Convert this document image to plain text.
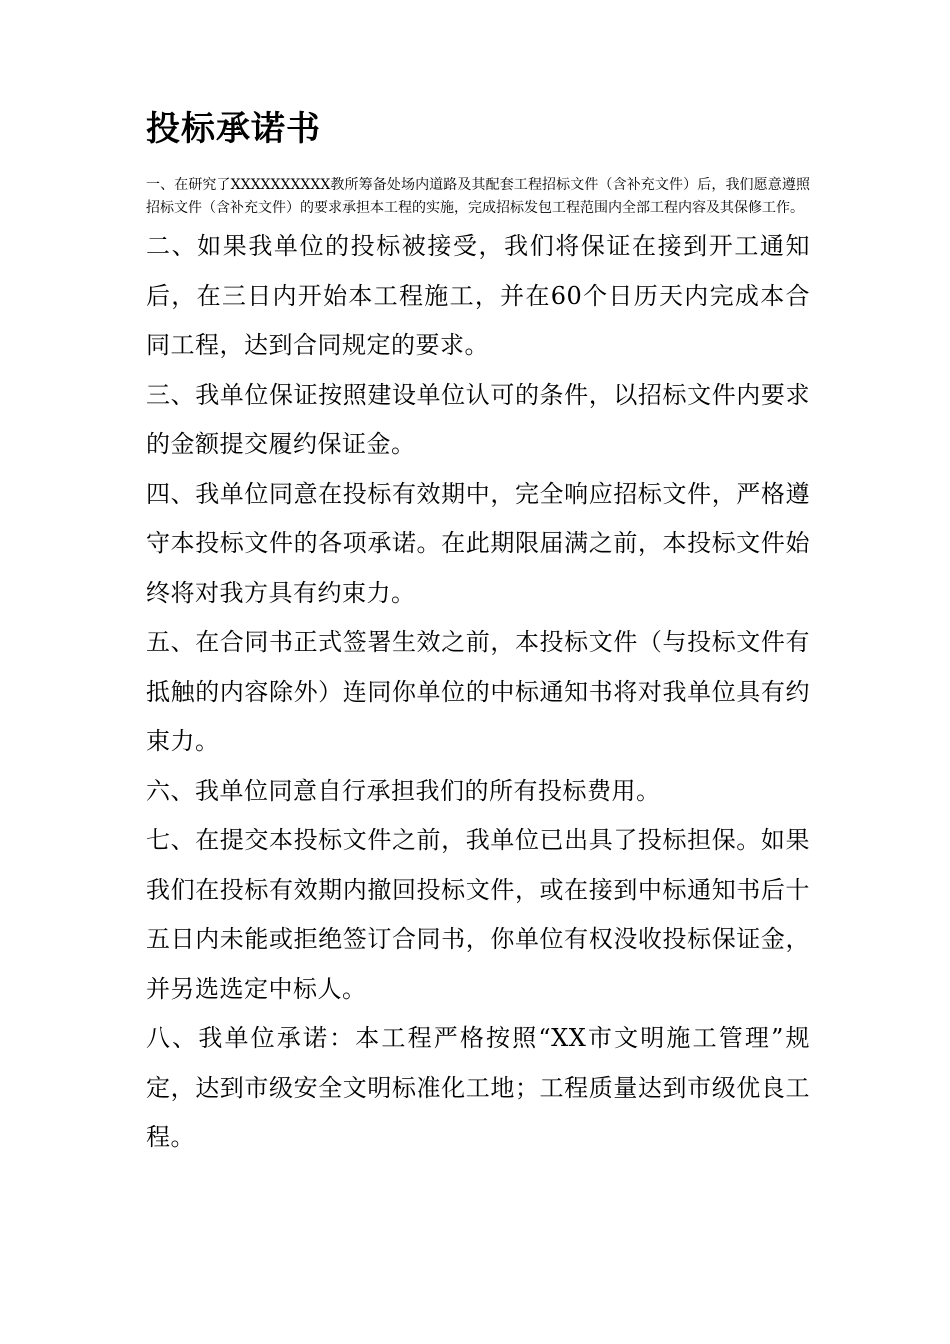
投标承诺书

一、在研究了XXXXXXXXXX教所筹备处场内道路及其配套工程招标文件（含补充文件）后，我们愿意遵照招标文件（含补充文件）的要求承担本工程的实施，完成招标发包工程范围内全部工程内容及其保修工作。

二、如果我单位的投标被接受，我们将保证在接到开工通知后，在三日内开始本工程施工，并在60个日历天内完成本合同工程，达到合同规定的要求。

三、我单位保证按照建设单位认可的条件，以招标文件内要求的金额提交履约保证金。

四、我单位同意在投标有效期中，完全响应招标文件，严格遵守本投标文件的各项承诺。在此期限届满之前，本投标文件始终将对我方具有约束力。

五、在合同书正式签署生效之前，本投标文件（与投标文件有抵触的内容除外）连同你单位的中标通知书将对我单位具有约束力。

六、我单位同意自行承担我们的所有投标费用。

七、在提交本投标文件之前，我单位已出具了投标担保。如果我们在投标有效期内撤回投标文件，或在接到中标通知书后十五日内未能或拒绝签订合同书，你单位有权没收投标保证金，并另选选定中标人。

八、我单位承诺：本工程严格按照“XX市文明施工管理”规定，达到市级安全文明标准化工地；工程质量达到市级优良工程。
